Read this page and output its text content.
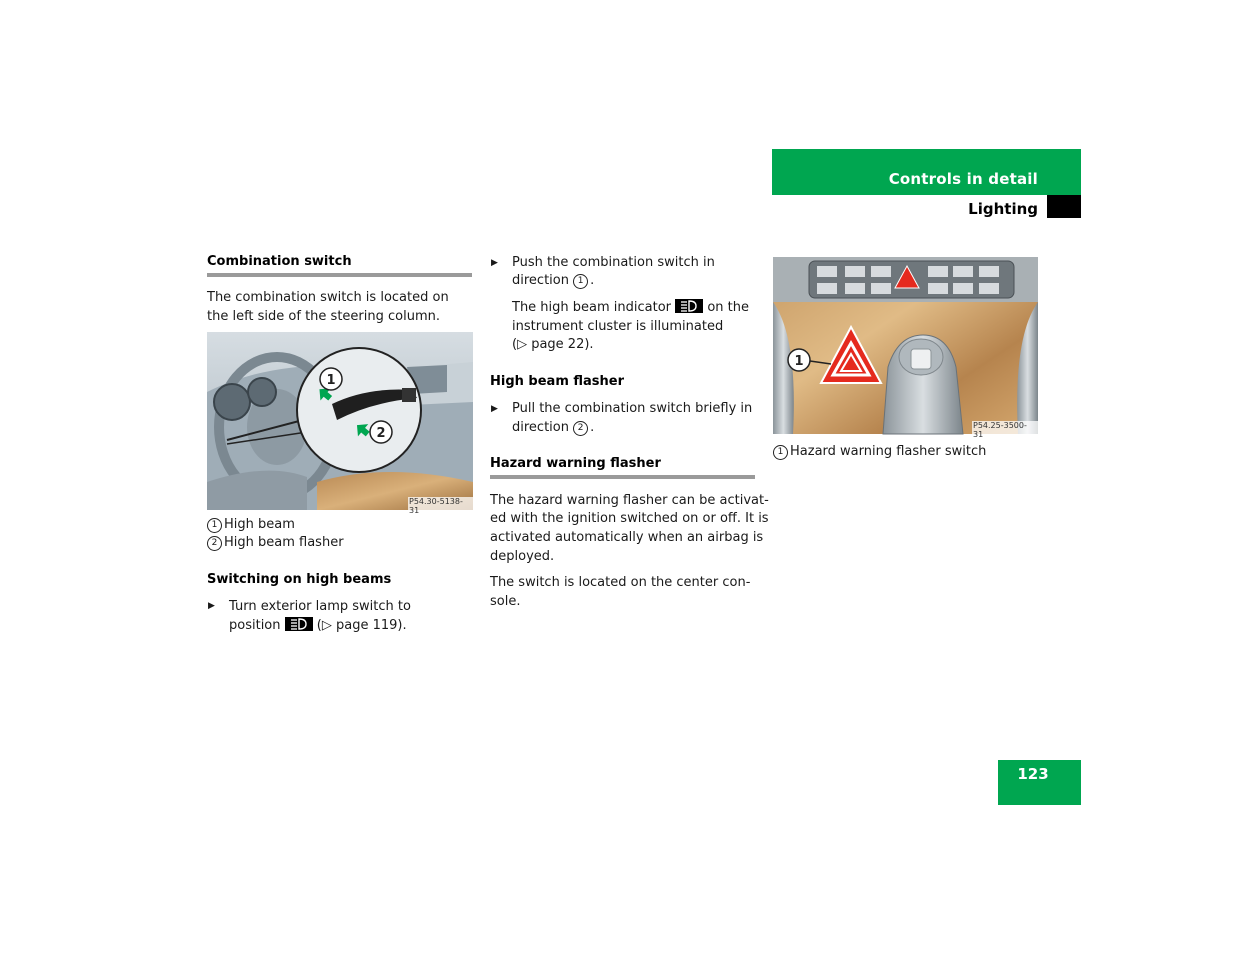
Controls in detail
Lighting
Combination switch
The combination switch is located on the left side of the steering column.
1
2
P54.30-5138-31
1 High beam
2 High beam flasher
Switching on high beams
▶ Turn exterior lamp switch to
position	(▷ page 119).
▶ Push the combination switch in
direction 1 .
The high beam indicator	on the
instrument cluster is illuminated
(▷ page 22).
High beam flasher
▶ Pull the combination switch briefly in
direction 2 .
Hazard warning flasher
The hazard warning flasher can be activat-
ed with the ignition switched on or off. It is
activated automatically when an airbag is
deployed.
The switch is located on the center con-
sole.
1
P54.25-3500-31
1 Hazard warning flasher switch
123
